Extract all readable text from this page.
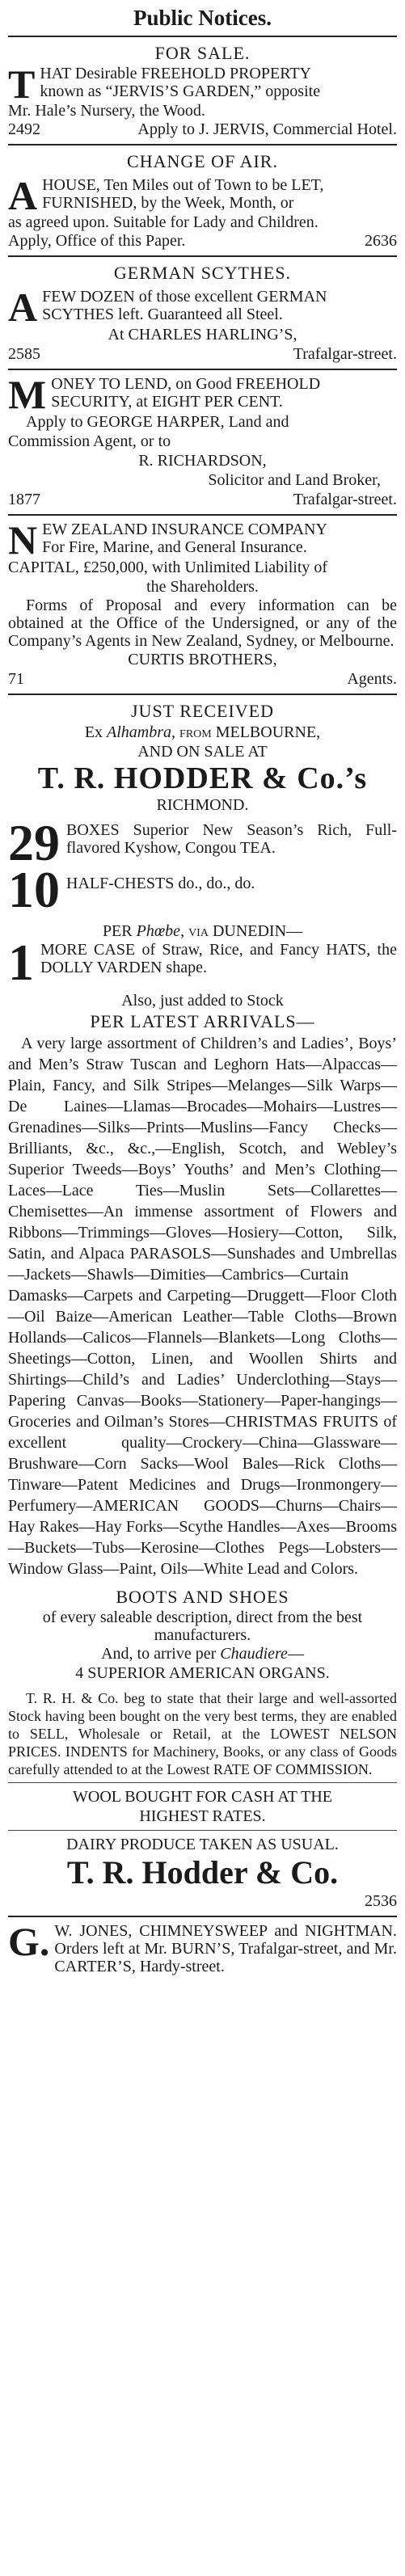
Public Notices.
FOR SALE.
T HAT Desirable FREEHOLD PROPERTY
known as “JERVIS’S GARDEN,” opposite
Mr. Hale’s Nursery, the Wood.
2492	Apply to J. JERVIS, Commercial Hotel.
CHANGE OF AIR.
A HOUSE, Ten Miles out of Town to be LET,
FURNISHED, by the Week, Month, or
as agreed upon. Suitable for Lady and Children.
Apply, Office of this Paper.	2636
GERMAN SCYTHES.
A FEW DOZEN of those excellent GERMAN
SCYTHES left. Guaranteed all Steel.
At CHARLES HARLING’S,
2585	Trafalgar-street.
M ONEY TO LEND, on Good FREEHOLD
SECURITY, at EIGHT PER CENT.
Apply to GEORGE HARPER, Land and
Commission Agent, or to
R. RICHARDSON,
Solicitor and Land Broker,
1877	Trafalgar-street.
N EW ZEALAND INSURANCE COMPANY
For Fire, Marine, and General Insurance.
CAPITAL, £250,000, with Unlimited Liability of
the Shareholders.
Forms of Proposal and every information can be obtained at the Office of the Undersigned, or any of the Company’s Agents in New Zealand, Sydney, or Melbourne.
CURTIS BROTHERS,
71	Agents.
JUST RECEIVED
Ex Alhambra, from MELBOURNE,
AND ON SALE AT
T. R. HODDER & Co.’s
RICHMOND.
29 BOXES Superior New Season’s Rich, Full-flavored Kyshow, Congou TEA.
10 HALF-CHESTS do., do., do.
PER Phœbe, via DUNEDIN—
1 MORE CASE of Straw, Rice, and Fancy HATS, the DOLLY VARDEN shape.
Also, just added to Stock
PER LATEST ARRIVALS—
A very large assortment of Children’s and Ladies’, Boys’ and Men’s Straw Tuscan and Leghorn Hats—Alpaccas—Plain, Fancy, and Silk Stripes—Melanges—Silk Warps—De Laines—Llamas—Brocades—Mohairs—Lustres—Grenadines—Silks—Prints—Muslins—Fancy Checks—Brilliants, &c., &c.,—English, Scotch, and Webley’s Superior Tweeds—Boys’ Youths’ and Men’s Clothing—Laces—Lace Ties—Muslin Sets—Collarettes—Chemisettes—An immense assortment of Flowers and Ribbons—Trimmings—Gloves—Hosiery—Cotton, Silk, Satin, and Alpaca PARASOLS—Sunshades and Umbrellas—Jackets—Shawls—Dimities—Cambrics—Curtain Damasks—Carpets and Carpeting—Druggett—Floor Cloth—Oil Baize—American Leather—Table Cloths—Brown Hollands—Calicos—Flannels—Blankets—Long Cloths—Sheetings—Cotton, Linen, and Woollen Shirts and Shirtings—Child’s and Ladies’ Underclothing—Stays—Papering Canvas—Books—Stationery—Paper-hangings—Groceries and Oilman’s Stores—CHRISTMAS FRUITS of excellent quality—Crockery—China—Glassware—Brushware—Corn Sacks—Wool Bales—Rick Cloths—Tinware—Patent Medicines and Drugs—Ironmongery—Perfumery—AMERICAN GOODS—Churns—Chairs—Hay Rakes—Hay Forks—Scythe Handles—Axes—Brooms—Buckets—Tubs—Kerosine—Clothes Pegs—Lobsters—Window Glass—Paint, Oils—White Lead and Colors.
BOOTS AND SHOES
of every saleable description, direct from the best manufacturers.
And, to arrive per Chaudiere—
4 SUPERIOR AMERICAN ORGANS.
T. R. H. & Co. beg to state that their large and well-assorted Stock having been bought on the very best terms, they are enabled to SELL, Wholesale or Retail, at the LOWEST NELSON PRICES. INDENTS for Machinery, Books, or any class of Goods carefully attended to at the Lowest RATE OF COMMISSION.
WOOL BOUGHT FOR CASH AT THE HIGHEST RATES.
DAIRY PRODUCE TAKEN AS USUAL.
T. R. Hodder & Co.
2536
G. W. JONES, CHIMNEYSWEEP and NIGHTMAN. Orders left at Mr. BURN’S, Trafalgar-street, and Mr. CARTER’S, Hardy-street.
